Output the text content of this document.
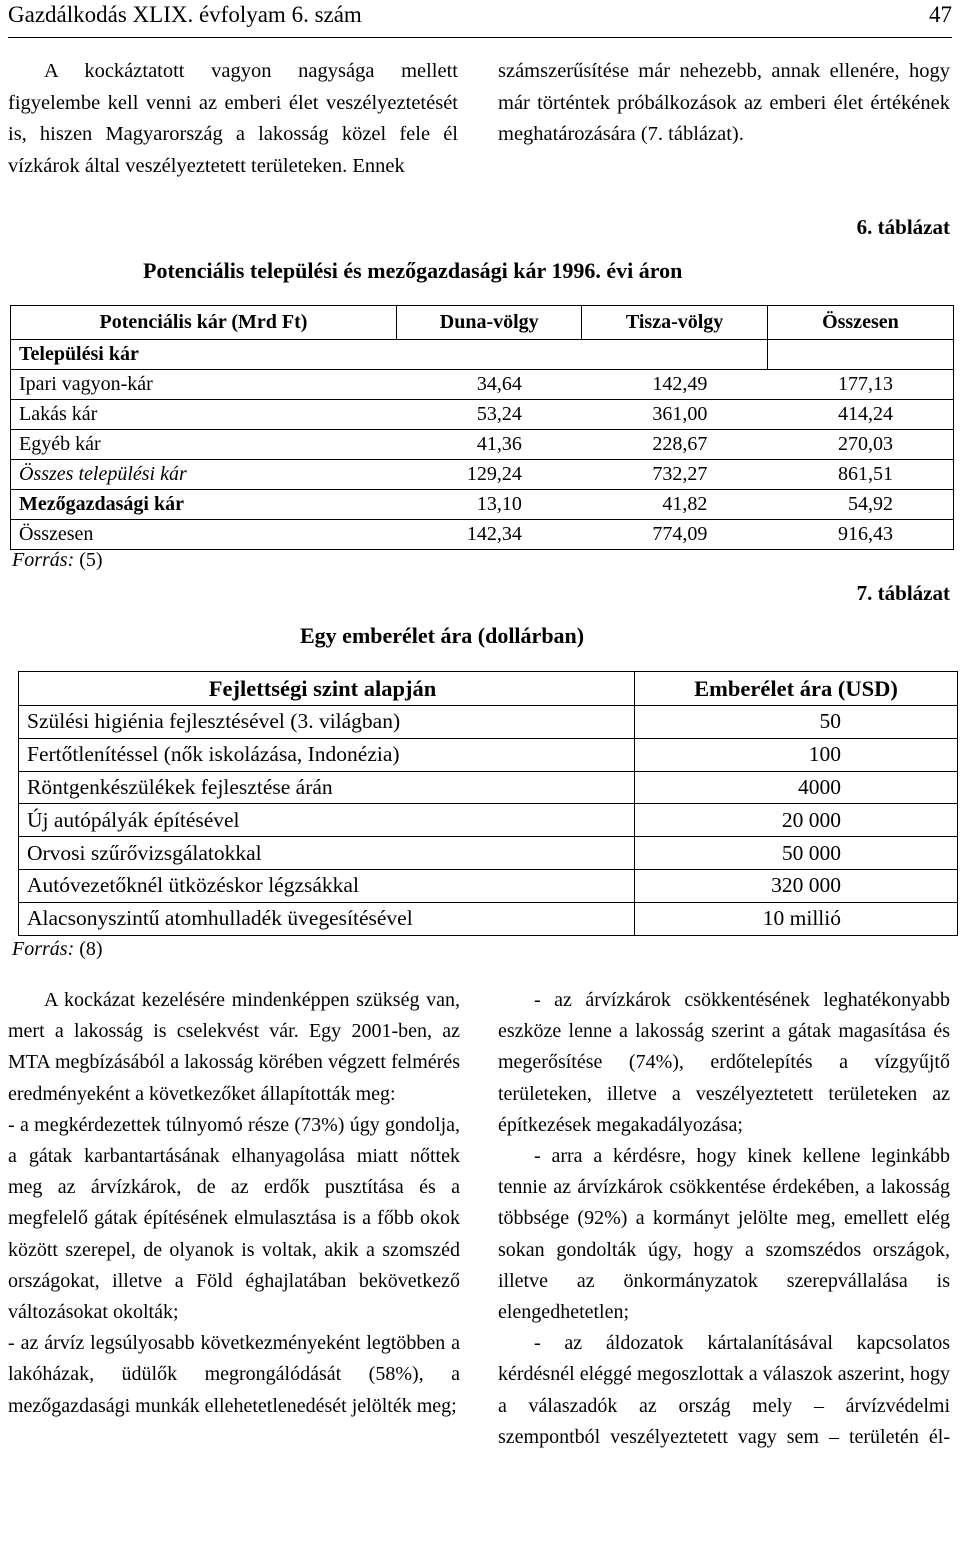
Gazdálkodás XLIX. évfolyam 6. szám	47

A kockáztatott vagyon nagysága mellett figyelembe kell venni az emberi élet veszélyeztetését is, hiszen Magyarország a lakosság közel fele él vízkárok által veszélyeztetett területeken. Ennek

számszerűsítése már nehezebb, annak ellenére, hogy már történtek próbálkozások az emberi élet értékének meghatározására (7. táblázat).

6. táblázat
Potenciális települési és mezőgazdasági kár 1996. évi áron
Potenciális kár (Mrd Ft)	Duna-völgy	Tisza-völgy	Összesen
Települési kár			
Ipari vagyon-kár	34,64	142,49	177,13
Lakás kár	53,24	361,00	414,24
Egyéb kár	41,36	228,67	270,03
Összes települési kár	129,24	732,27	861,51
Mezőgazdasági kár	13,10	41,82	54,92
Összesen	142,34	774,09	916,43
Forrás: (5)
7. táblázat
Egy emberélet ára (dollárban)
Fejlettségi szint alapján	Emberélet ára (USD)
Szülési higiénia fejlesztésével (3. világban)	50
Fertőtlenítéssel (nők iskolázása, Indonézia)	100
Röntgenkészülékek fejlesztése árán	4000
Új autópályák építésével	20 000
Orvosi szűrővizsgálatokkal	50 000
Autóvezetőknél ütközéskor légzsákkal	320 000
Alacsonyszintű atomhulladék üvegesítésével	10 millió
Forrás: (8)

A kockázat kezelésére mindenképpen szükség van, mert a lakosság is cselekvést vár. Egy 2001-ben, az MTA megbízásából a lakosság körében végzett felmérés eredményeként a következőket állapították meg:

- a megkérdezettek túlnyomó része (73%) úgy gondolja, a gátak karbantartásának elhanyagolása miatt nőttek meg az árvízkárok, de az erdők pusztítása és a megfelelő gátak építésének elmulasztása is a főbb okok között szerepel, de olyanok is voltak, akik a szomszéd országokat, illetve a Föld éghajlatában bekövetkező változásokat okolták;

- az árvíz legsúlyosabb következményeként legtöbben a lakóházak, üdülők megrongálódását (58%), a mezőgazdasági munkák ellehetetlenedését jelölték meg;

- az árvízkárok csökkentésének leghatékonyabb eszköze lenne a lakosság szerint a gátak magasítása és megerősítése (74%), erdőtelepítés a vízgyűjtő területeken, illetve a veszélyeztetett területeken az építkezések megakadályozása;

- arra a kérdésre, hogy kinek kellene leginkább tennie az árvízkárok csökkentése érdekében, a lakosság többsége (92%) a kormányt jelölte meg, emellett elég sokan gondolták úgy, hogy a szomszédos országok, illetve az önkormányzatok szerepvállalása is elengedhetetlen;

- az áldozatok kártalanításával kapcsolatos kérdésnél eléggé megoszlottak a válaszok aszerint, hogy a válaszadók az ország mely – árvízvédelmi szempontból veszélyeztetett vagy sem – területén él-
